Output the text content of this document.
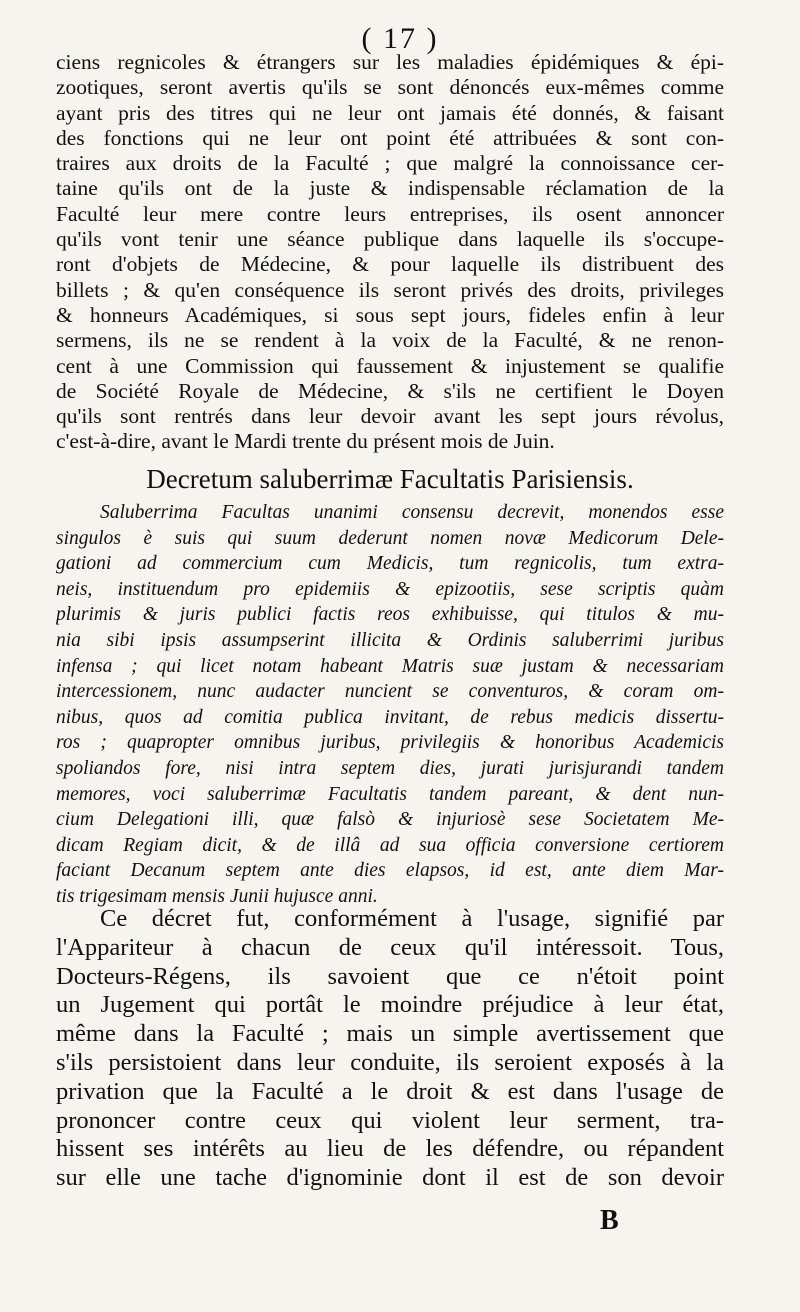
( 17 )
ciens regnicoles & étrangers sur les maladies épidémiques & épi-
zootiques, seront avertis qu'ils se sont dénoncés eux-mêmes comme
ayant pris des titres qui ne leur ont jamais été donnés, & faisant
des fonctions qui ne leur ont point été attribuées & sont con-
traires aux droits de la Faculté ; que malgré la connoissance cer-
taine qu'ils ont de la juste & indispensable réclamation de la
Faculté leur mere contre leurs entreprises, ils osent annoncer
qu'ils vont tenir une séance publique dans laquelle ils s'occupe-
ront d'objets de Médecine, & pour laquelle ils distribuent des
billets ; & qu'en conséquence ils seront privés des droits, privileges
& honneurs Académiques, si sous sept jours, fideles enfin à leur
sermens, ils ne se rendent à la voix de la Faculté, & ne renon-
cent à une Commission qui faussement & injustement se qualifie
de Société Royale de Médecine, & s'ils ne certifient le Doyen
qu'ils sont rentrés dans leur devoir avant les sept jours révolus,
c'est-à-dire, avant le Mardi trente du présent mois de Juin.
Decretum saluberrimæ Facultatis Parisiensis.
Saluberrima Facultas unanimi consensu decrevit, monendos esse
singulos è suis qui suum dederunt nomen novæ Medicorum Dele-
gationi ad commercium cum Medicis, tum regnicolis, tum extra-
neis, instituendum pro epidemiis & epizootiis, sese scriptis quàm
plurimis & juris publici factis reos exhibuisse, qui titulos & mu-
nia sibi ipsis assumpserint illicita & Ordinis saluberrimi juribus
infensa ; qui licet notam habeant Matris suæ justam & necessariam
intercessionem, nunc audacter nuncient se conventuros, & coram om-
nibus, quos ad comitia publica invitant, de rebus medicis dissertu-
ros ; quapropter omnibus juribus, privilegiis & honoribus Academicis
spoliandos fore, nisi intra septem dies, jurati jurisjurandi tandem
memores, voci saluberrimæ Facultatis tandem pareant, & dent nun-
cium Delegationi illi, quæ falsò & injuriosè sese Societatem Me-
dicam Regiam dicit, & de illâ ad sua officia conversione certiorem
faciant Decanum septem ante dies elapsos, id est, ante diem Mar-
tis trigesimam mensis Junii hujusce anni.
Ce décret fut, conformément à l'usage, signifié par
l'Appariteur à chacun de ceux qu'il intéressoit. Tous,
Docteurs-Régens, ils savoient que ce n'étoit point
un Jugement qui portât le moindre préjudice à leur état,
même dans la Faculté ; mais un simple avertissement que
s'ils persistoient dans leur conduite, ils seroient exposés à la
privation que la Faculté a le droit & est dans l'usage de
prononcer contre ceux qui violent leur serment, tra-
hissent ses intérêts au lieu de les défendre, ou répandent
sur elle une tache d'ignominie dont il est de son devoir
B
